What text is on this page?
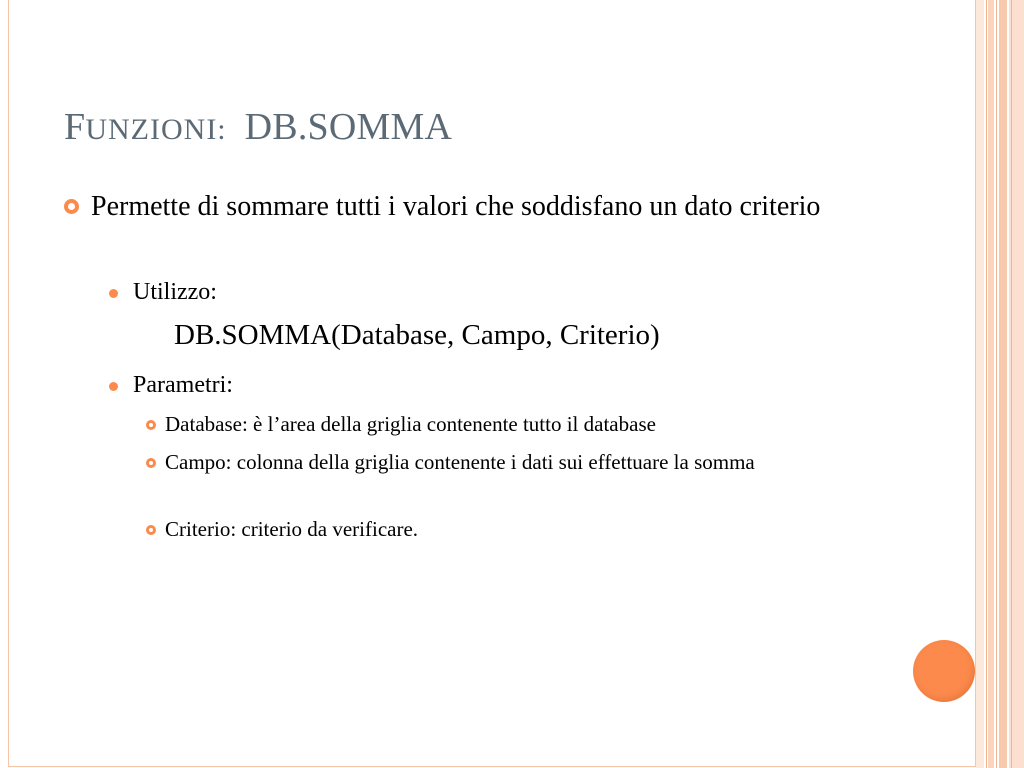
FUNZIONI: DB.SOMMA
Permette di sommare tutti i valori che soddisfano un dato criterio
Utilizzo:
DB.SOMMA(Database, Campo, Criterio)
Parametri:
Database: è l’area della griglia contenente tutto il database
Campo: colonna della griglia contenente i dati sui effettuare la somma
Criterio: criterio da verificare.
